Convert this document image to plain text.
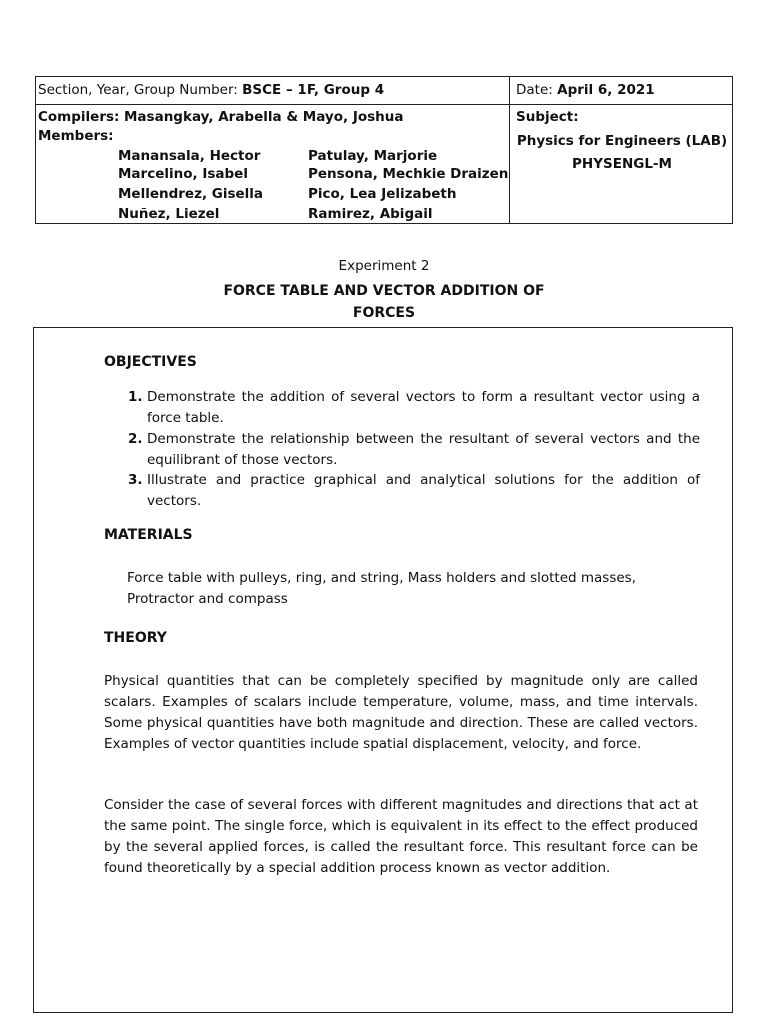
Section, Year, Group Number: BSCE – 1F, Group 4	Date: April 6, 2021
Compilers: Masangkay, Arabella & Mayo, Joshua
Members:
Manansala, Hector
Marcelino, Isabel
Mellendrez, Gisella
Nuñez, Liezel
Patulay, Marjorie
Pensona, Mechkie Draizen
Pico, Lea Jelizabeth
Ramirez, Abigail
Subject:
Physics for Engineers (LAB)
PHYSENGL-M
Experiment 2
FORCE TABLE AND VECTOR ADDITION OF
FORCES
OBJECTIVES
1. Demonstrate the addition of several vectors to form a resultant vector using a force table.
2. Demonstrate the relationship between the resultant of several vectors and the equilibrant of those vectors.
3. Illustrate and practice graphical and analytical solutions for the addition of vectors.
MATERIALS
Force table with pulleys, ring, and string, Mass holders and slotted masses, Protractor and compass
THEORY
Physical quantities that can be completely specified by magnitude only are called scalars. Examples of scalars include temperature, volume, mass, and time intervals. Some physical quantities have both magnitude and direction. These are called vectors. Examples of vector quantities include spatial displacement, velocity, and force.
Consider the case of several forces with different magnitudes and directions that act at the same point. The single force, which is equivalent in its effect to the effect produced by the several applied forces, is called the resultant force. This resultant force can be found theoretically by a special addition process known as vector addition.
